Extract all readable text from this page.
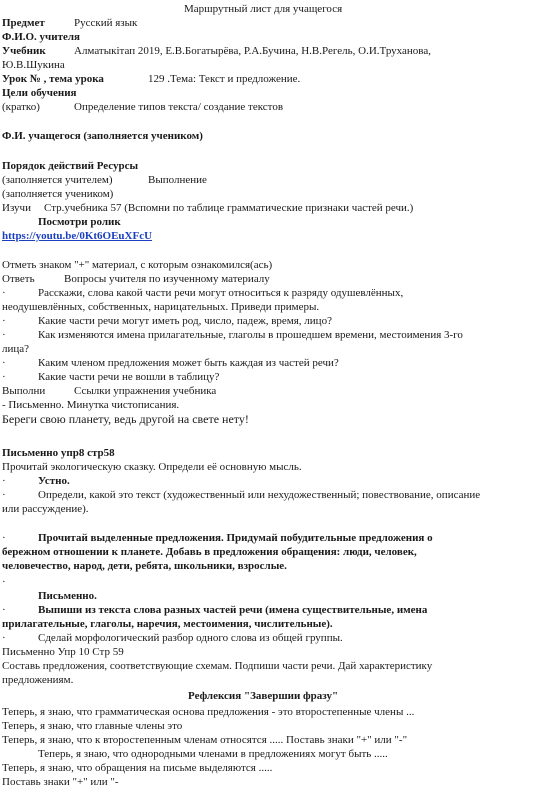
Маршрутный лист для учащегося
Предмет	Русский язык
Ф.И.О. учителя
Учебник	Алматыкiтап 2019, Е.В.Богатырёва, Р.А.Бучина, Н.В.Регель, О.И.Труханова,
Ю.В.Шукина
Урок № , тема урока	129 .Тема: Текст и предложение.
Цели обучения
(кратко)	Определение типов текста/ создание текстов
Ф.И. учащегося (заполняется учеником)
Порядок действий Ресурсы
(заполняется учителем)	Выполнение
(заполняется учеником)
Изучи Стр.учебника 57 (Вспомни по таблице грамматические признаки частей речи.)
Посмотри ролик
https://youtu.be/0Kt6OEuXFcU
Отметь знаком "+" материал, с которым ознакомился(ась)
Ответь	Вопросы учителя по изученному материалу
·	Расскажи, слова какой части речи могут относиться к разряду одушевлённых,
неодушевлённых, собственных, нарицательных. Приведи примеры.
·	Какие части речи могут иметь род, число, падеж, время, лицо?
·	Как изменяются имена прилагательные, глаголы в прошедшем времени, местоимения 3-го
лица?
·	Каким членом предложения может быть каждая из частей речи?
·	Какие части речи не вошли в таблицу?
Выполни	Ссылки упражнения учебника
- Письменно. Минутка чистописания.
Береги свою планету, ведь другой на свете нету!
Письменно упр8 стр58
Прочитай экологическую сказку. Определи её основную мысль.
·	Устно.
·	Определи, какой это текст (художественный или нехудожественный; повествование, описание
или рассуждение).
·	Прочитай выделенные предложения. Придумай побудительные предложения о
бережном отношении к планете. Добавь в предложения обращения: люди, человек,
человечество, народ, дети, ребята, школьники, взрослые.
·
Письменно.
·	Выпиши из текста слова разных частей речи (имена существительные, имена
прилагательные, глаголы, наречия, местоимения, числительные).
·	Сделай морфологический разбор одного слова из общей группы.
Письменно Упр 10 Стр 59
Составь предложения, соответствующие схемам. Подпиши части речи. Дай характеристику
предложениям.
Рефлексия "Завершии фразу"
Теперь, я знаю, что грамматическая основа предложения - это второстепенные члены ...
Теперь, я знаю, что главные члены это
Теперь, я знаю, что к второстепенным членам относятся ..... Поставь знаки "+" или "-"
Теперь, я знаю, что однородными членами в предложениях могут быть .....
Теперь, я знаю, что обращения на письме выделяются .....
Поставь знаки "+" или "-
